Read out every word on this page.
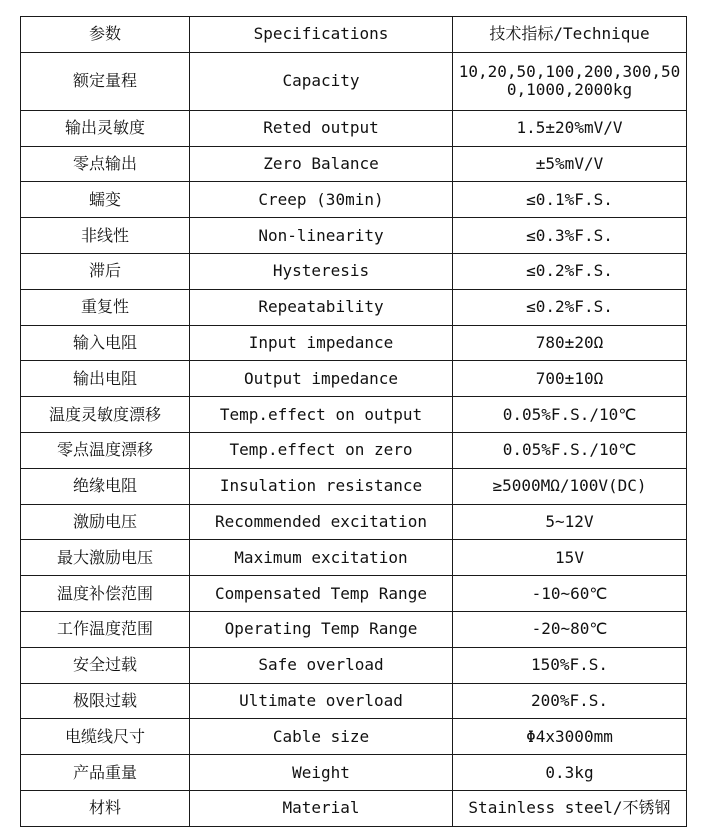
参数	Specifications	技术指标/Technique
额定量程	Capacity	10,20,50,100,200,300,500,1000,2000kg
输出灵敏度	Reted output	1.5±20%mV/V
零点输出	Zero Balance	±5%mV/V
蠕变	Creep (30min)	≤0.1%F.S.
非线性	Non-linearity	≤0.3%F.S.
滞后	Hysteresis	≤0.2%F.S.
重复性	Repeatability	≤0.2%F.S.
输入电阻	Input impedance	780±20Ω
输出电阻	Output impedance	700±10Ω
温度灵敏度漂移	Temp.effect on output	0.05%F.S./10℃
零点温度漂移	Temp.effect on zero	0.05%F.S./10℃
绝缘电阻	Insulation resistance	≥5000MΩ/100V(DC)
激励电压	Recommended excitation	5~12V
最大激励电压	Maximum excitation	15V
温度补偿范围	Compensated Temp Range	-10~60℃
工作温度范围	Operating Temp Range	-20~80℃
安全过载	Safe overload	150%F.S.
极限过载	Ultimate overload	200%F.S.
电缆线尺寸	Cable size	Φ4x3000mm
产品重量	Weight	0.3kg
材料	Material	Stainless steel/不锈钢
